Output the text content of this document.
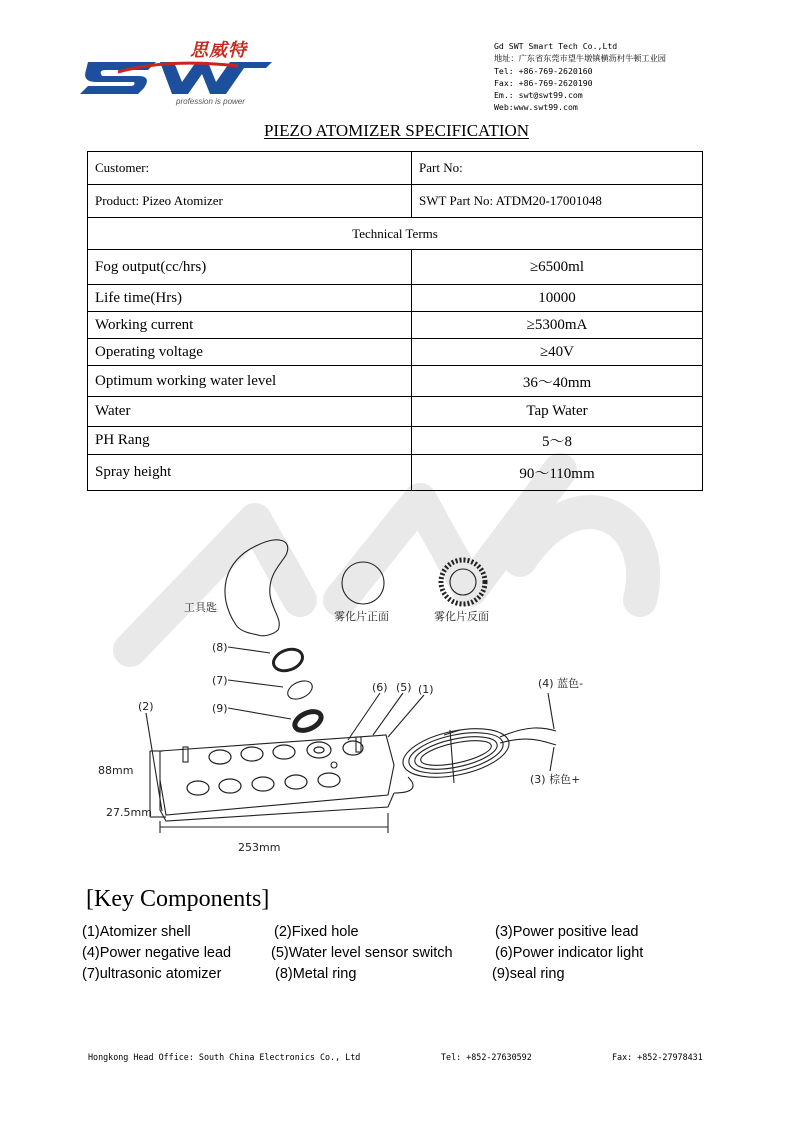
思威特
profession is power
Gd SWT Smart Tech Co.,Ltd
地址：广东省东莞市望牛墩镇横沥村牛顿工业园
Tel: +86-769-2620160
Fax: +86-769-2620190
Em.: swt@swt99.com
Web:www.swt99.com
PIEZO ATOMIZER SPECIFICATION
Customer:	Part No:
Product: Pizeo Atomizer	SWT Part No: ATDM20-17001048
Technical Terms	
Fog output(cc/hrs)	≥6500ml
Life time(Hrs)	10000
Working current	≥5300mA
Operating voltage	≥40V
Optimum working water level	36～40mm
Water	Tap Water
PH Rang	5～8
Spray height	90～110mm
工具匙
雾化片正面	雾化片反面
(8)
(7)
(9)
(2)
(6) (5) (1)	(4) 蓝色-
(3) 棕色+
88mm
27.5mm
253mm
[Key Components]
(1)Atomizer shell	(2)Fixed hole	(3)Power positive lead
(4)Power negative lead	(5)Water level sensor switch	(6)Power indicator light
(7)ultrasonic atomizer	(8)Metal ring	(9)seal ring
Hongkong Head Office: South China Electronics Co., Ltd	Tel: +852-27630592	Fax: +852-27978431
